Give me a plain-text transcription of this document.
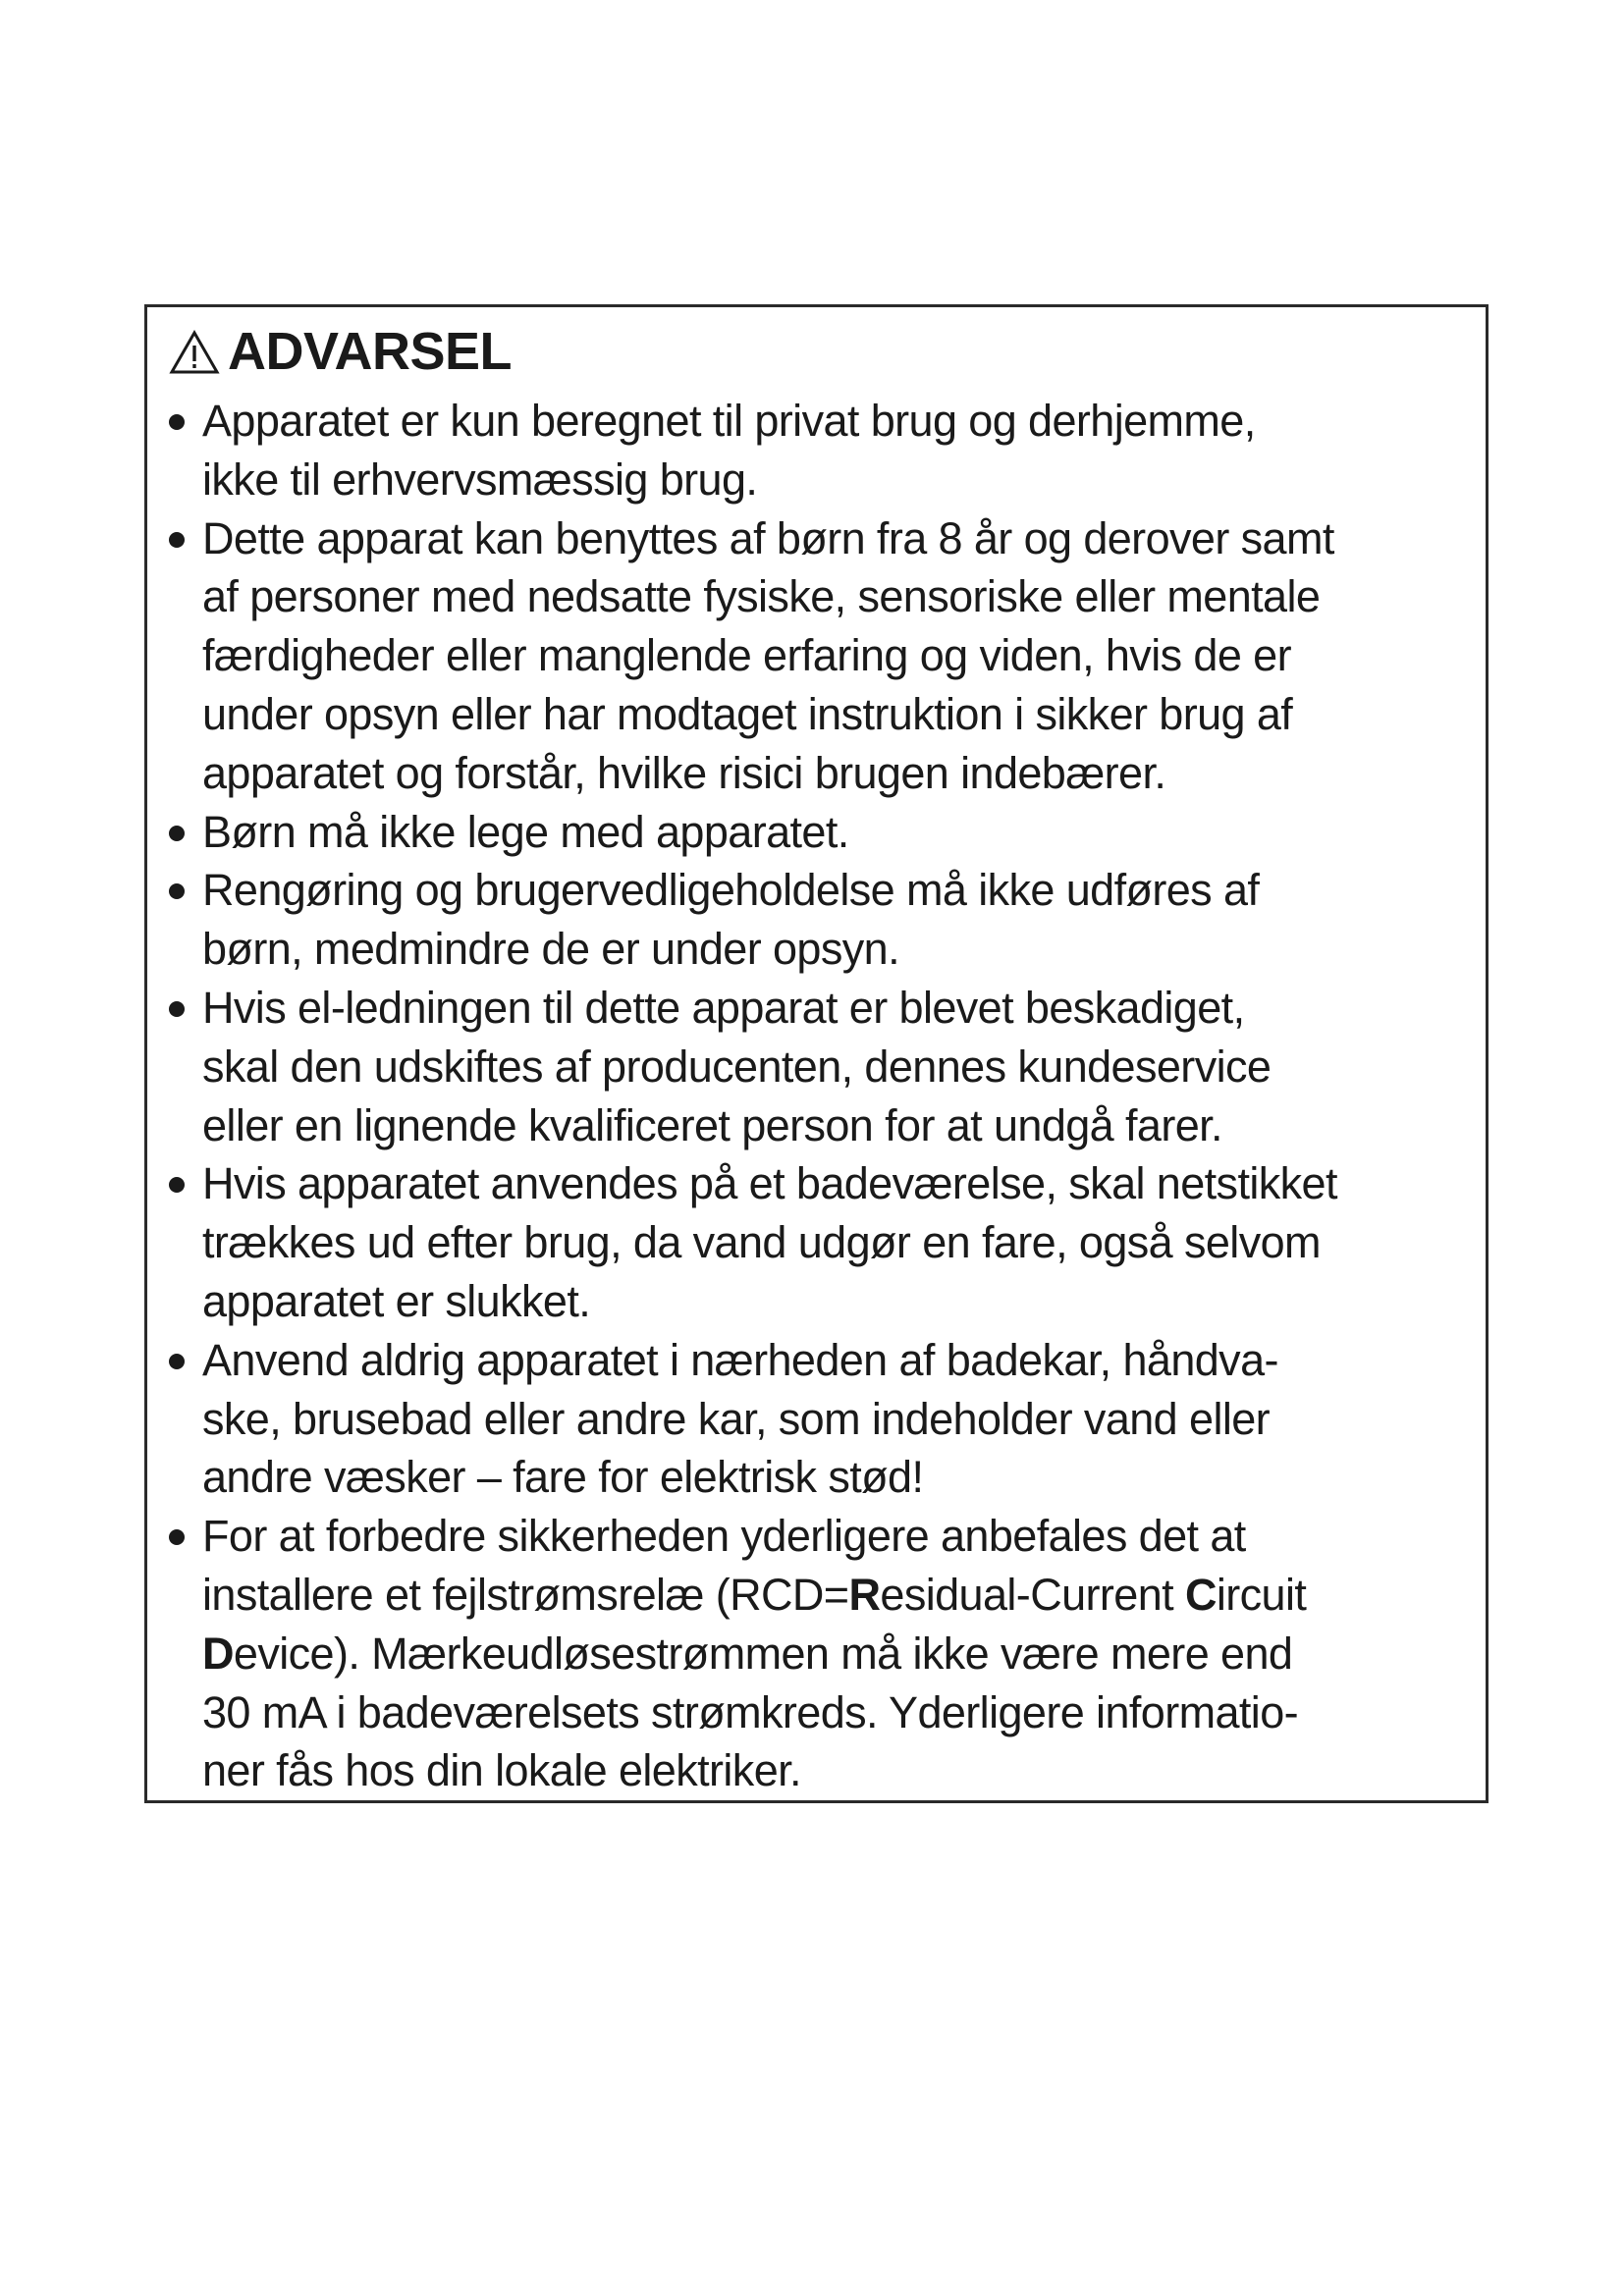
ADVARSEL
Apparatet er kun beregnet til privat brug og derhjemme,
ikke til erhvervsmæssig brug.
Dette apparat kan benyttes af børn fra 8 år og derover samt
af personer med nedsatte fysiske, sensoriske eller mentale
færdigheder eller manglende erfaring og viden, hvis de er
under opsyn eller har modtaget instruktion i sikker brug af
apparatet og forstår, hvilke risici brugen indebærer.
Børn må ikke lege med apparatet.
Rengøring og brugervedligeholdelse må ikke udføres af
børn, medmindre de er under opsyn.
Hvis el-ledningen til dette apparat er blevet beskadiget,
skal den udskiftes af producenten, dennes kundeservice
eller en lignende kvalificeret person for at undgå farer.
Hvis apparatet anvendes på et badeværelse, skal netstikket
trækkes ud efter brug, da vand udgør en fare, også selvom
apparatet er slukket.
Anvend aldrig apparatet i nærheden af badekar, håndva-
ske, brusebad eller andre kar, som indeholder vand eller
andre væsker – fare for elektrisk stød!
For at forbedre sikkerheden yderligere anbefales det at
installere et fejlstrømsrelæ (RCD=Residual-Current Circuit
Device). Mærkeudløsestrømmen må ikke være mere end
30 mA i badeværelsets strømkreds. Yderligere informatio-
ner fås hos din lokale elektriker.
